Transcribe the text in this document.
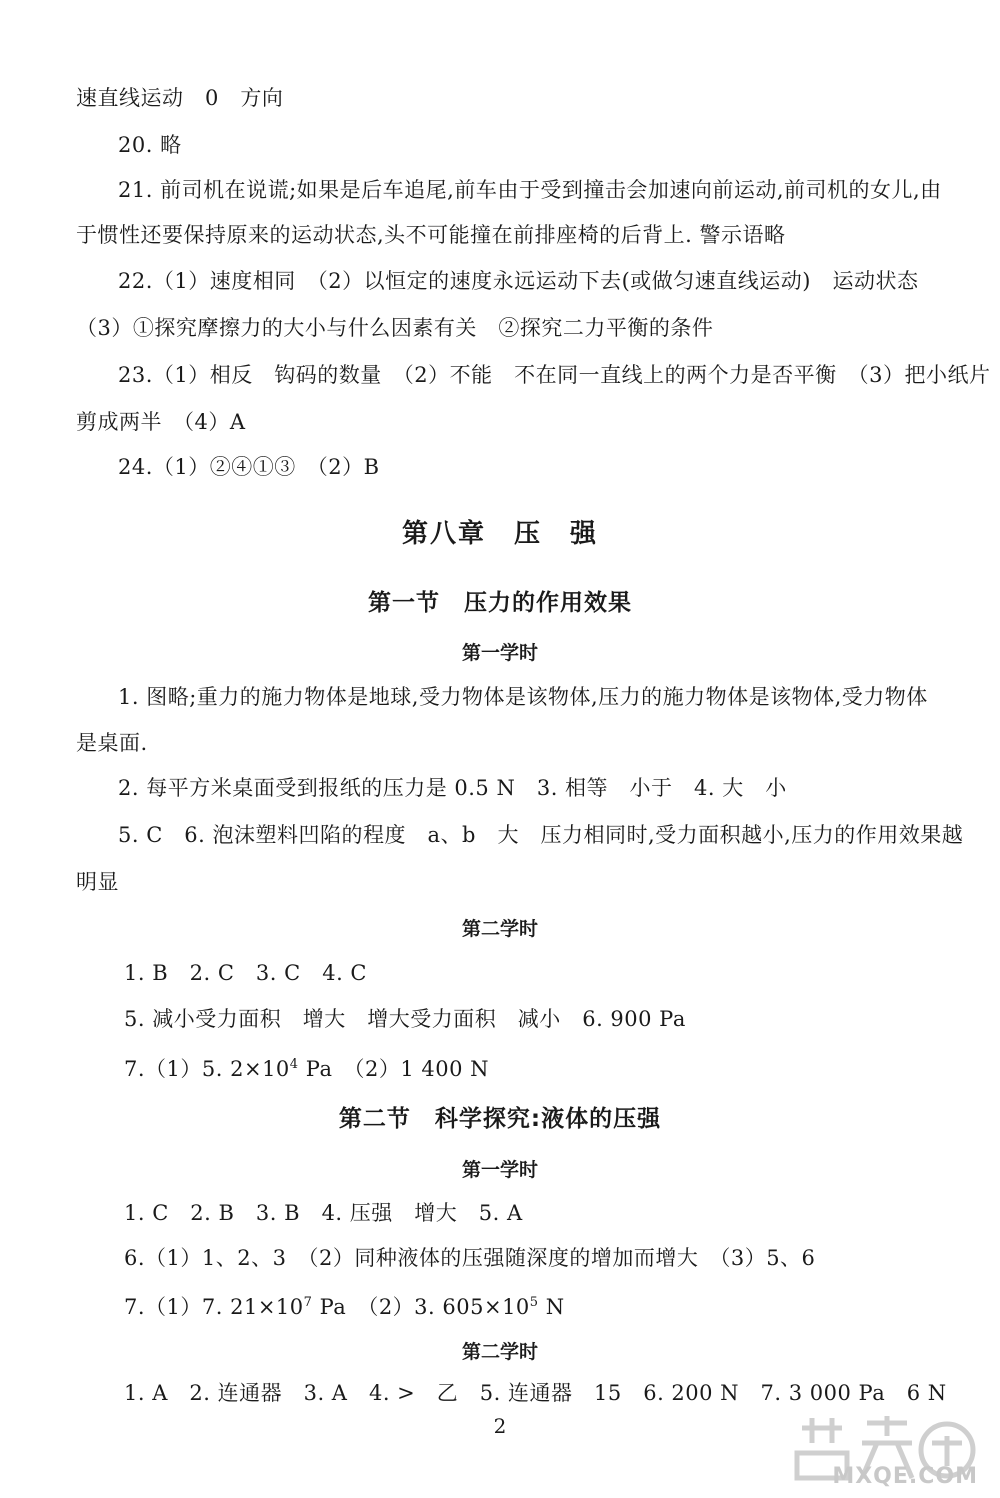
速直线运动　0　方向
20. 略
21. 前司机在说谎;如果是后车追尾,前车由于受到撞击会加速向前运动,前司机的女儿,由
于惯性还要保持原来的运动状态,头不可能撞在前排座椅的后背上. 警示语略
22.（1）速度相同　（2）以恒定的速度永远运动下去(或做匀速直线运动)　运动状态
（3）①探究摩擦力的大小与什么因素有关　②探究二力平衡的条件
23.（1）相反　钩码的数量　（2）不能　不在同一直线上的两个力是否平衡　（3）把小纸片
剪成两半　（4）A
24.（1）②④①③　（2）B
第八章　压　强
第一节　压力的作用效果
第一学时
1. 图略;重力的施力物体是地球,受力物体是该物体,压力的施力物体是该物体,受力物体
是桌面.
2. 每平方米桌面受到报纸的压力是 0.5 N　3. 相等　小于　4. 大　小
5. C　6. 泡沫塑料凹陷的程度　a、b　大　压力相同时,受力面积越小,压力的作用效果越
明显
第二学时
1. B　2. C　3. C　4. C
5. 减小受力面积　增大　增大受力面积　减小　6. 900 Pa
7.（1）5. $2\times 10^4$ Pa　（2）1 400 N
第二节　科学探究:液体的压强
第一学时
1. C　2. B　3. B　4. 压强　增大　5. A
6.（1）1、2、3　（2）同种液体的压强随深度的增加而增大　（3）5、6
7.（1）7. $21\times 10^7$ Pa　（2）3. $605\times 10^5$ N
第二学时
1. A　2. 连通器　3. A　4. >　乙　5. 连通器　15　6. 200 N　7. 3 000 Pa　6 N
2
MXQE.COM
